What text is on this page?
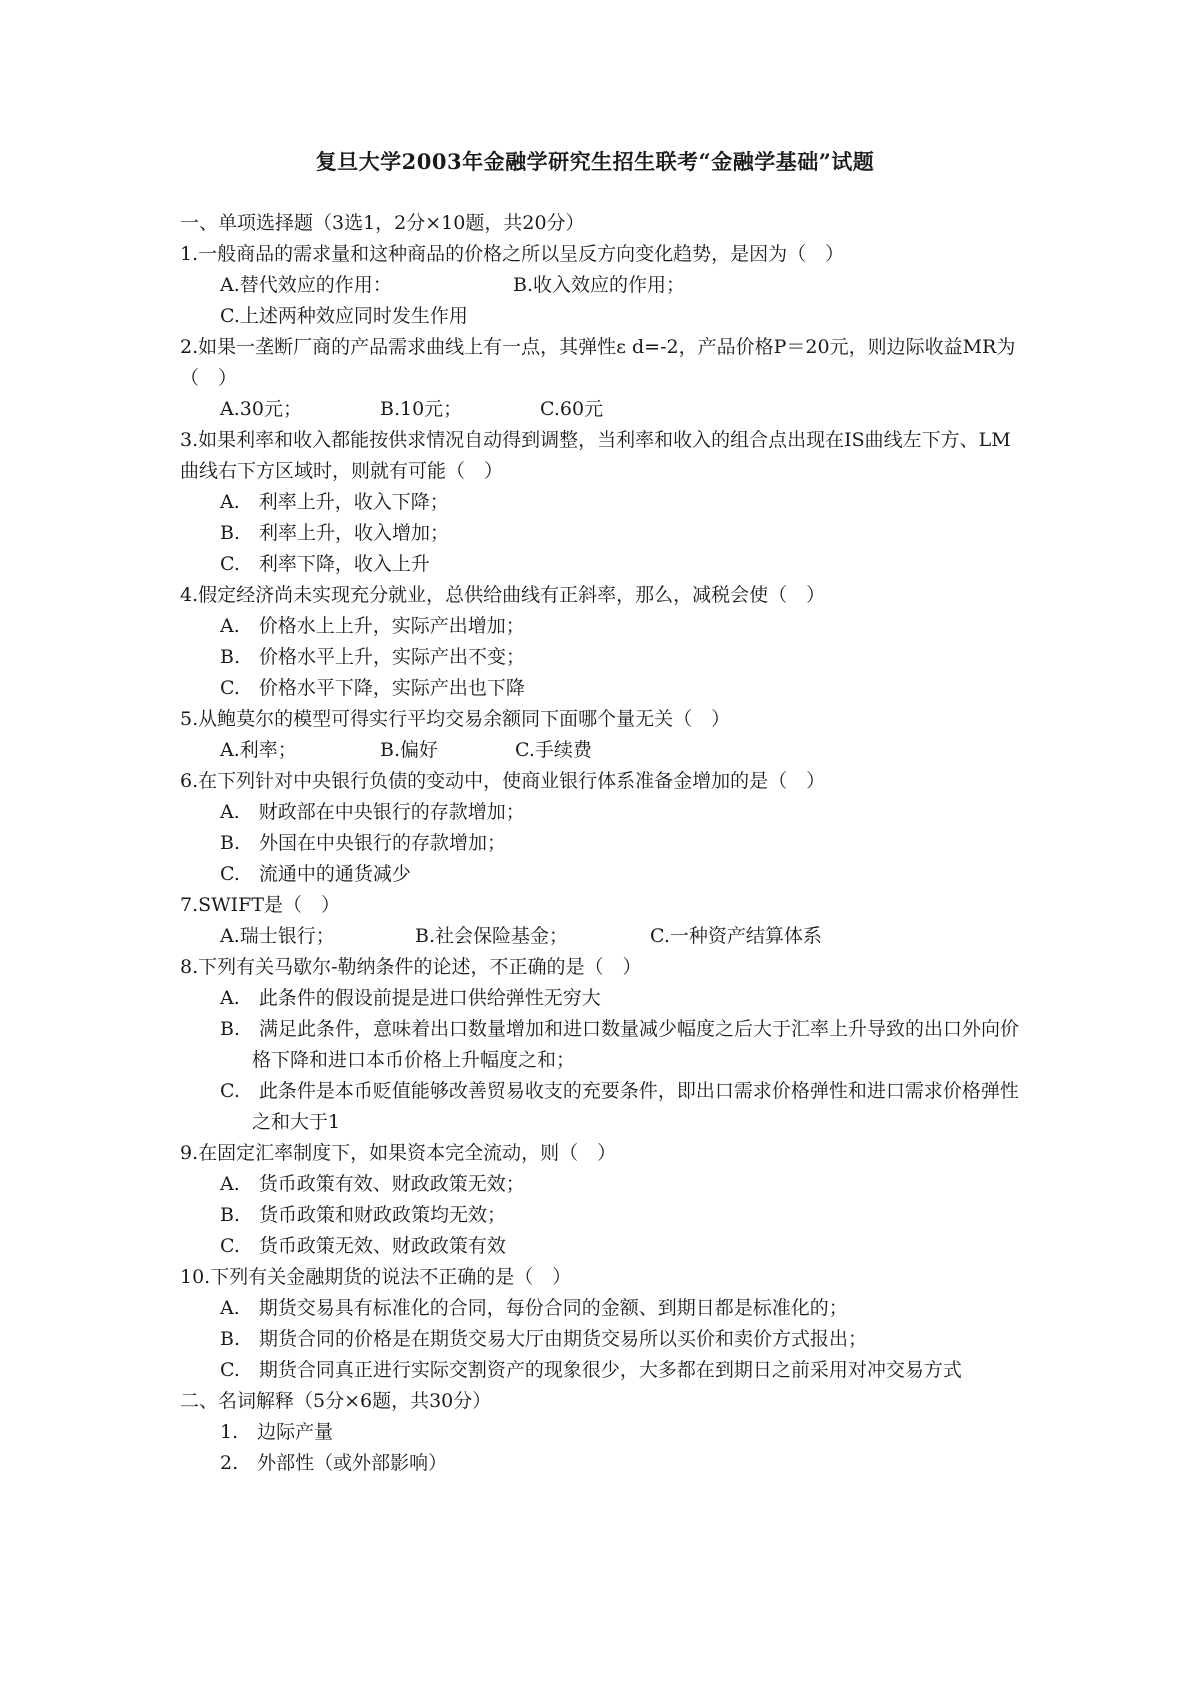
复旦大学2003年金融学研究生招生联考“金融学基础”试题
一、单项选择题（3选1，2分×10题，共20分）
1.一般商品的需求量和这种商品的价格之所以呈反方向变化趋势，是因为（　）
A.替代效应的作用：	B.收入效应的作用；
C.上述两种效应同时发生作用
2.如果一垄断厂商的产品需求曲线上有一点，其弹性ε d=-2，产品价格P＝20元，则边际收益MR为（　）
A.30元；	B.10元；	C.60元
3.如果利率和收入都能按供求情况自动得到调整，当利率和收入的组合点出现在IS曲线左下方、LM曲线右下方区域时，则就有可能（　）
A.　利率上升，收入下降；
B.　利率上升，收入增加；
C.　利率下降，收入上升
4.假定经济尚未实现充分就业，总供给曲线有正斜率，那么，减税会使（　）
A.　价格水上上升，实际产出增加；
B.　价格水平上升，实际产出不变；
C.　价格水平下降，实际产出也下降
5.从鲍莫尔的模型可得实行平均交易余额同下面哪个量无关（　）
A.利率；	B.偏好	C.手续费
6.在下列针对中央银行负债的变动中，使商业银行体系准备金增加的是（　）
A.　财政部在中央银行的存款增加；
B.　外国在中央银行的存款增加；
C.　流通中的通货减少
7.SWIFT是（　）
A.瑞士银行；	B.社会保险基金；	C.一种资产结算体系
8.下列有关马歇尔-勒纳条件的论述，不正确的是（　）
A.　此条件的假设前提是进口供给弹性无穷大
B.　满足此条件，意味着出口数量增加和进口数量减少幅度之后大于汇率上升导致的出口外向价格下降和进口本币价格上升幅度之和；
C.　此条件是本币贬值能够改善贸易收支的充要条件，即出口需求价格弹性和进口需求价格弹性之和大于1
9.在固定汇率制度下，如果资本完全流动，则（　）
A.　货币政策有效、财政政策无效；
B.　货币政策和财政政策均无效；
C.　货币政策无效、财政政策有效
10.下列有关金融期货的说法不正确的是（　）
A.　期货交易具有标准化的合同，每份合同的金额、到期日都是标准化的；
B.　期货合同的价格是在期货交易大厅由期货交易所以买价和卖价方式报出；
C.　期货合同真正进行实际交割资产的现象很少，大多都在到期日之前采用对冲交易方式
二、名词解释（5分×6题，共30分）
1.　边际产量
2.　外部性（或外部影响）
